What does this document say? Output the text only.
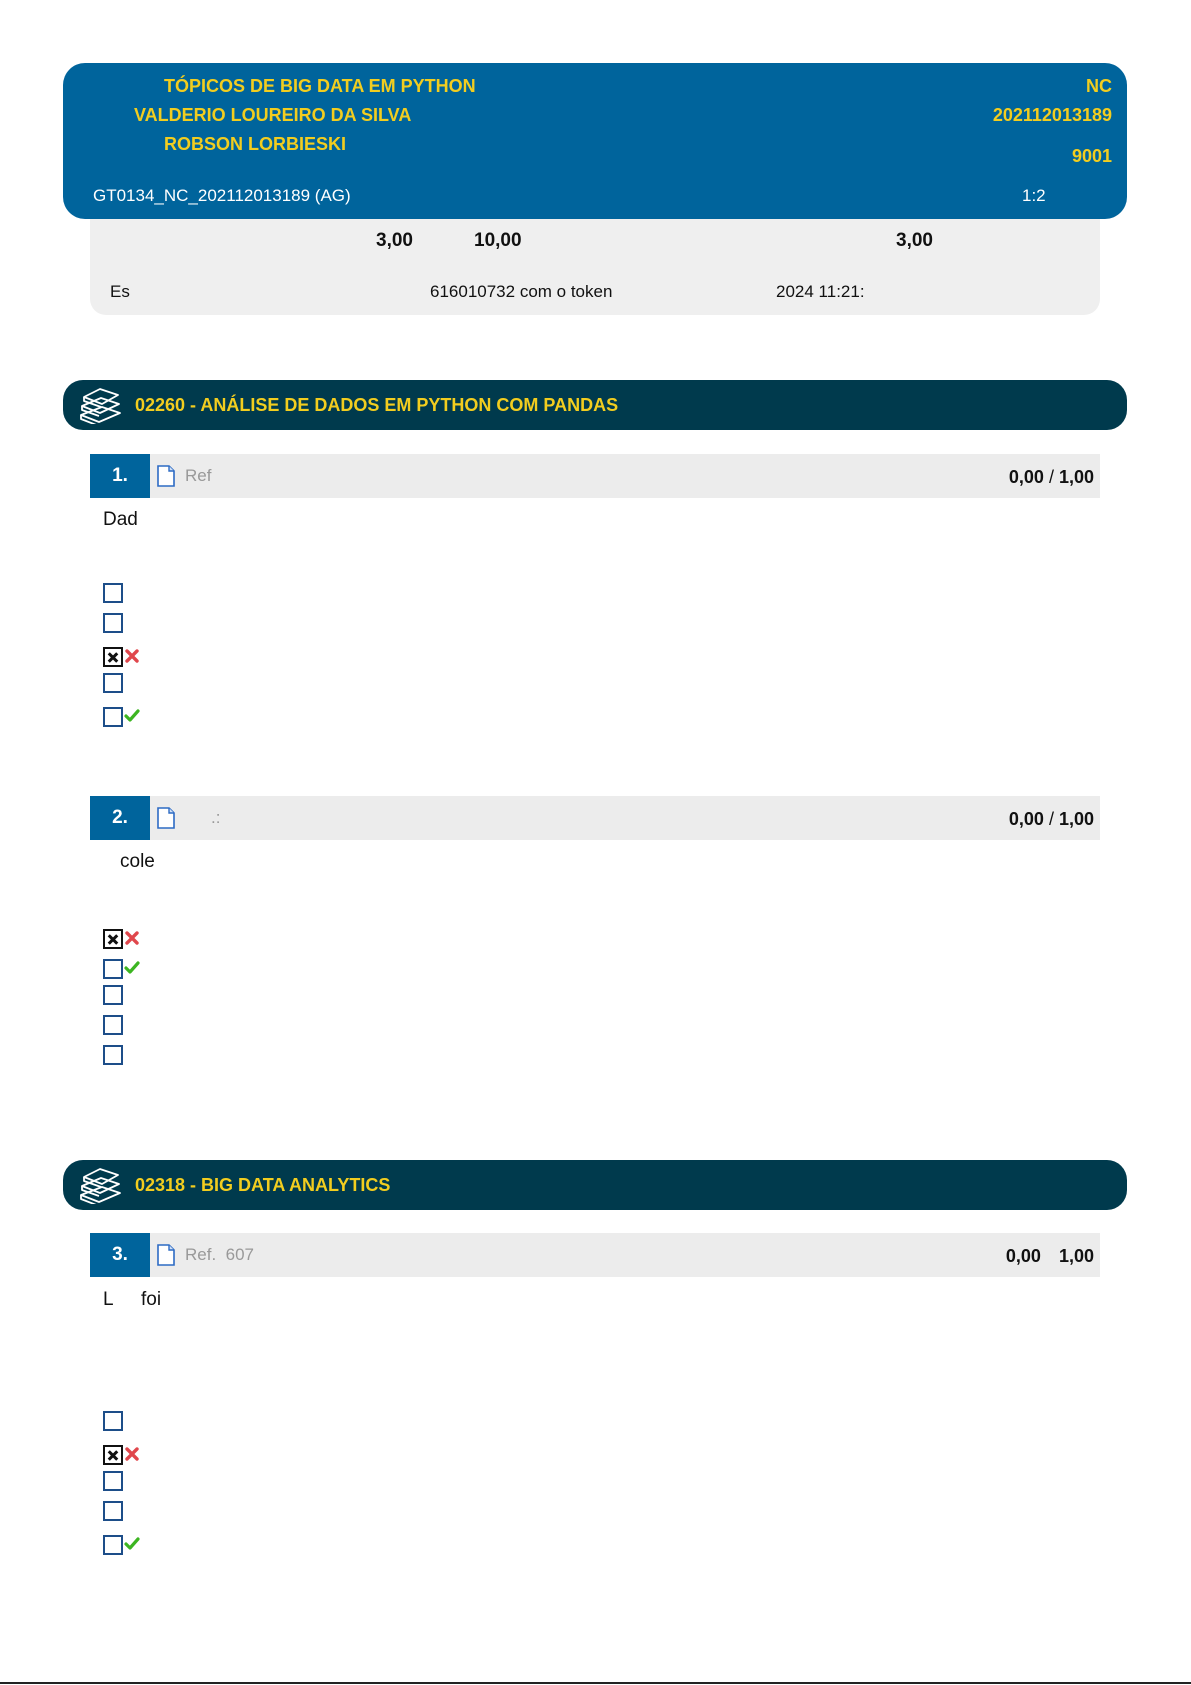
TÓPICOS DE BIG DATA EM PYTHON
VALDERIO LOUREIRO DA SILVA
ROBSON LORBIESKI
NC
202112013189
9001
GT0134_NC_202112013189 (AG)	1:2
3,00	10,00	3,00
Es	616010732 com o token	2024 11:21:
02260 - ANÁLISE DE DADOS EM PYTHON COM PANDAS
1.	Ref	0,00 / 1,00
Dad
2.	.:	0,00 / 1,00
cole
02318 - BIG DATA ANALYTICS
3.	Ref.  607	0,00 1,00
L foi
